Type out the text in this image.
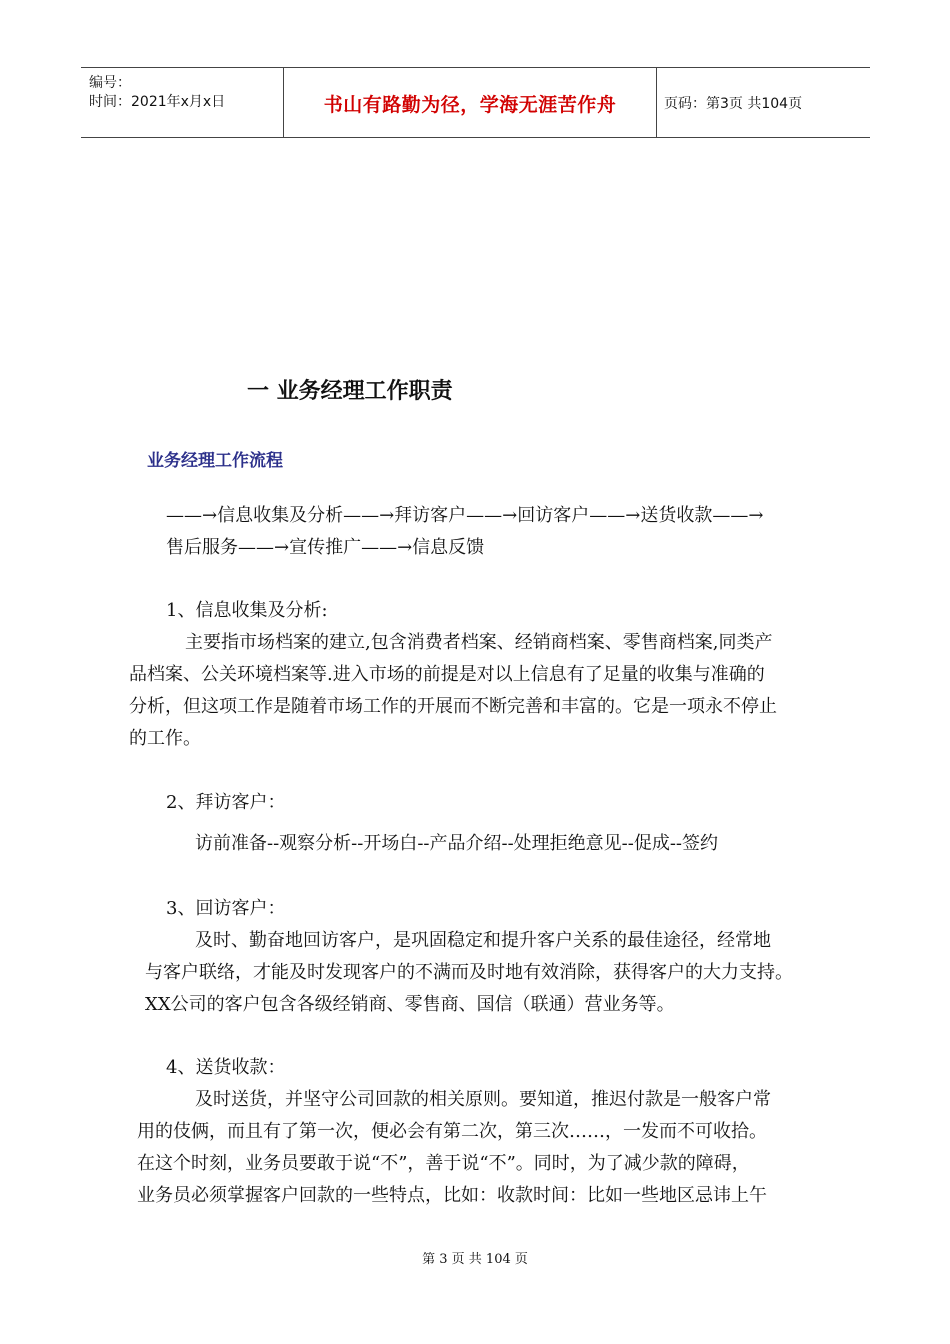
编号：
时间：2021年x月x日	书山有路勤为径，学海无涯苦作舟	页码：第3页 共104页
一 业务经理工作职责
业务经理工作流程
——→信息收集及分析——→拜访客户——→回访客户——→送货收款——→
售后服务——→宣传推广——→信息反馈
1、信息收集及分析:
主要指市场档案的建立,包含消费者档案、经销商档案、零售商档案,同类产
品档案、公关环境档案等.进入市场的前提是对以上信息有了足量的收集与准确的
分析，但这项工作是随着市场工作的开展而不断完善和丰富的。它是一项永不停止
的工作。
2、拜访客户：
访前准备--观察分析--开场白--产品介绍--处理拒绝意见--促成--签约
3、回访客户：
及时、勤奋地回访客户，是巩固稳定和提升客户关系的最佳途径，经常地
与客户联络，才能及时发现客户的不满而及时地有效消除，获得客户的大力支持。
XX公司的客户包含各级经销商、零售商、国信（联通）营业务等。
4、送货收款：
及时送货，并坚守公司回款的相关原则。要知道，推迟付款是一般客户常
用的伎俩，而且有了第一次，便必会有第二次，第三次……，一发而不可收拾。
在这个时刻，业务员要敢于说“不”，善于说“不”。同时，为了减少款的障碍，
业务员必须掌握客户回款的一些特点，比如：收款时间：比如一些地区忌讳上午
第 3 页 共 104 页
